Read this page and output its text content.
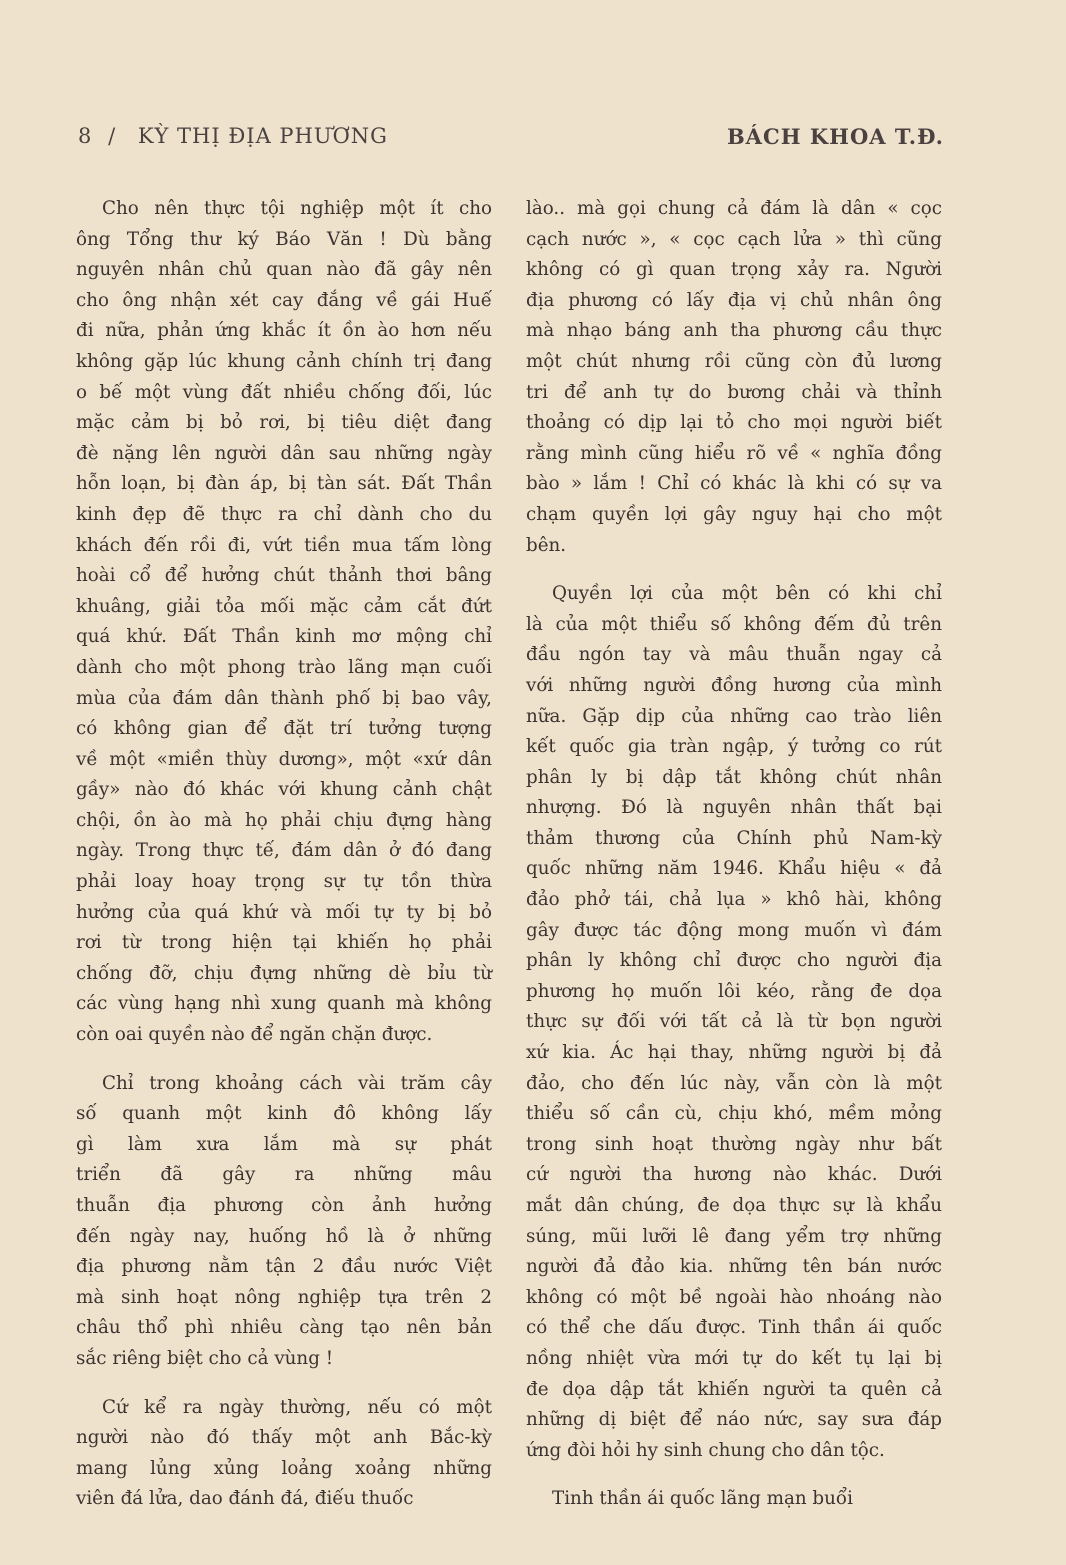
8 / KỲ THỊ ĐỊA PHƯƠNG	BÁCH KHOA T.Đ.

Cho nên thực tội nghiệp một ít cho
ông Tổng thư ký Báo Văn ! Dù bằng
nguyên nhân chủ quan nào đã gây nên
cho ông nhận xét cay đắng về gái Huế
đi nữa, phản ứng khắc ít ồn ào hơn nếu
không gặp lúc khung cảnh chính trị đang
o bế một vùng đất nhiều chống đối, lúc
mặc cảm bị bỏ rơi, bị tiêu diệt đang
đè nặng lên người dân sau những ngày
hỗn loạn, bị đàn áp, bị tàn sát. Đất Thần
kinh đẹp đẽ thực ra chỉ dành cho du
khách đến rồi đi, vứt tiền mua tấm lòng
hoài cổ để hưởng chút thảnh thơi bâng
khuâng, giải tỏa mối mặc cảm cắt đứt
quá khứ. Đất Thần kinh mơ mộng chỉ
dành cho một phong trào lãng mạn cuối
mùa của đám dân thành phố bị bao vây,
có không gian để đặt trí tưởng tượng
về một «miền thùy dương», một «xứ dân
gầy» nào đó khác với khung cảnh chật
chội, ồn ào mà họ phải chịu đựng hàng
ngày. Trong thực tế, đám dân ở đó đang
phải loay hoay trọng sự tự tồn thừa
hưởng của quá khứ và mối tự ty bị bỏ
rơi từ trong hiện tại khiến họ phải
chống đỡ, chịu đựng những dè bỉu từ
các vùng hạng nhì xung quanh mà không
còn oai quyền nào để ngăn chặn được.

Chỉ trong khoảng cách vài trăm cây
số quanh một kinh đô không lấy
gì làm xưa lắm mà sự phát
triển đã gây ra những mâu
thuẫn địa phương còn ảnh hưởng
đến ngày nay, huống hồ là ở những
địa phương nằm tận 2 đầu nước Việt
mà sinh hoạt nông nghiệp tựa trên 2
châu thổ phì nhiêu càng tạo nên bản
sắc riêng biệt cho cả vùng !

Cứ kể ra ngày thường, nếu có một
người nào đó thấy một anh Bắc-kỳ
mang lủng xủng loảng xoảng những
viên đá lửa, dao đánh đá, điếu thuốc

lào.. mà gọi chung cả đám là dân « cọc
cạch nước », « cọc cạch lửa » thì cũng
không có gì quan trọng xảy ra. Người
địa phương có lấy địa vị chủ nhân ông
mà nhạo báng anh tha phương cầu thực
một chút nhưng rồi cũng còn đủ lương
tri để anh tự do bương chải và thỉnh
thoảng có dịp lại tỏ cho mọi người biết
rằng mình cũng hiểu rõ về « nghĩa đồng
bào » lắm ! Chỉ có khác là khi có sự va
chạm quyền lợi gây nguy hại cho một
bên.

Quyền lợi của một bên có khi chỉ
là của một thiểu số không đếm đủ trên
đầu ngón tay và mâu thuẫn ngay cả
với những người đồng hương của mình
nữa. Gặp dịp của những cao trào liên
kết quốc gia tràn ngập, ý tưởng co rút
phân ly bị dập tắt không chút nhân
nhượng. Đó là nguyên nhân thất bại
thảm thương của Chính phủ Nam-kỳ
quốc những năm 1946. Khẩu hiệu « đả
đảo phở tái, chả lụa » khô hài, không
gây được tác động mong muốn vì đám
phân ly không chỉ được cho người địa
phương họ muốn lôi kéo, rằng đe dọa
thực sự đối với tất cả là từ bọn người
xứ kia. Ác hại thay, những người bị đả
đảo, cho đến lúc này, vẫn còn là một
thiểu số cần cù, chịu khó, mềm mỏng
trong sinh hoạt thường ngày như bất
cứ người tha hương nào khác. Dưới
mắt dân chúng, đe dọa thực sự là khẩu
súng, mũi lưỡi lê đang yểm trợ những
người đả đảo kia. những tên bán nước
không có một bề ngoài hào nhoáng nào
có thể che dấu được. Tinh thần ái quốc
nồng nhiệt vừa mới tự do kết tụ lại bị
đe dọa dập tắt khiến người ta quên cả
những dị biệt để náo nức, say sưa đáp
ứng đòi hỏi hy sinh chung cho dân tộc.

Tinh thần ái quốc lãng mạn buổi
